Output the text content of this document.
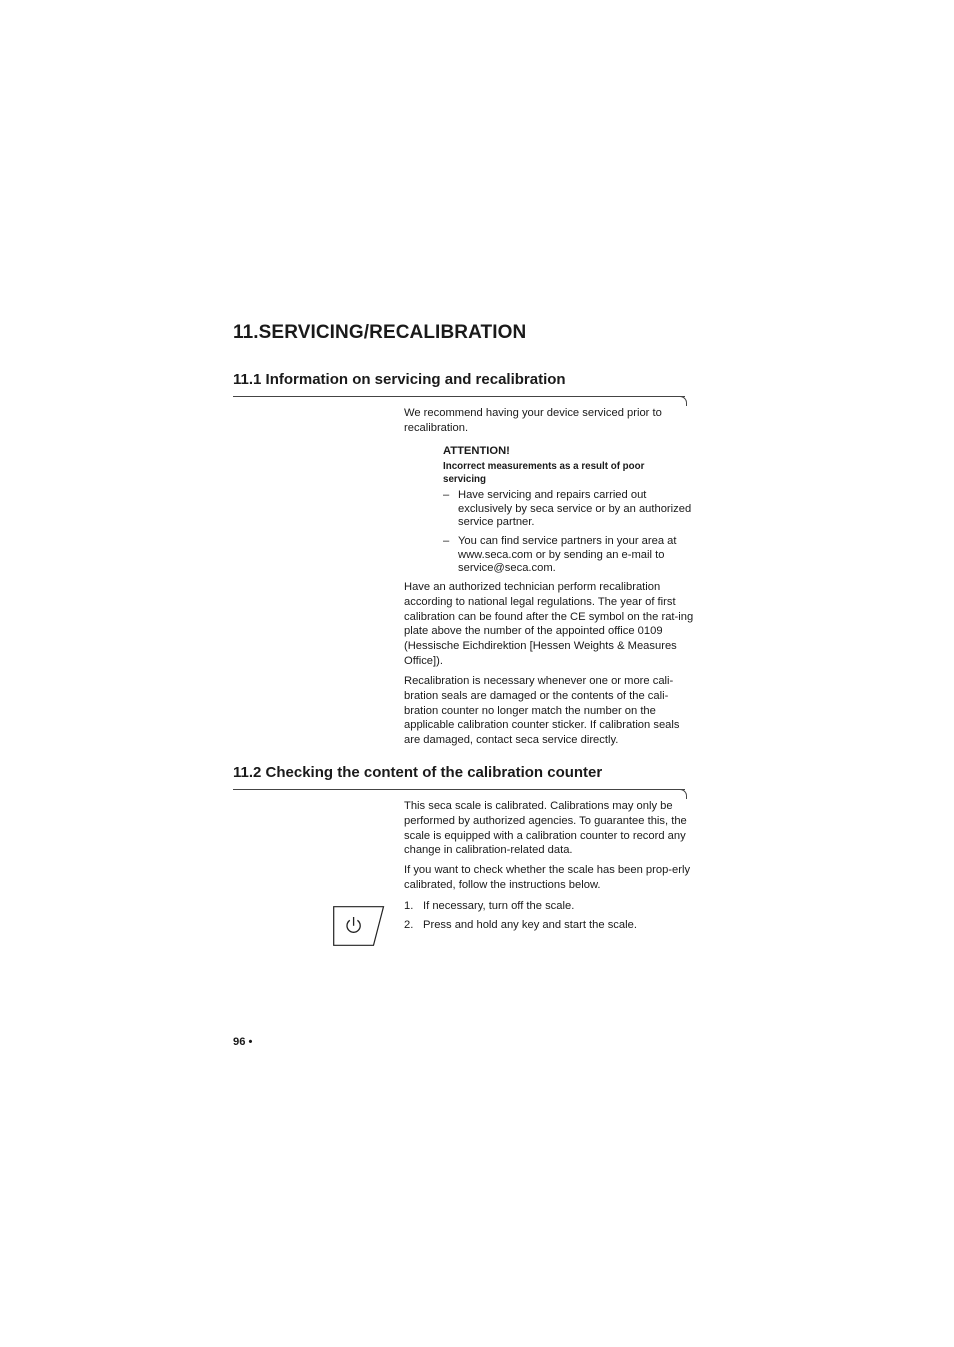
11.SERVICING/RECALIBRATION
11.1 Information on servicing and recalibration
We recommend having your device serviced prior to recalibration.
ATTENTION!
Incorrect measurements as a result of poor servicing
– Have servicing and repairs carried out exclusively by seca service or by an authorized service partner.
– You can find service partners in your area at www.seca.com or by sending an e-mail to service@seca.com.
Have an authorized technician perform recalibration according to national legal regulations. The year of first calibration can be found after the CE symbol on the rat-ing plate above the number of the appointed office 0109 (Hessische Eichdirektion [Hessen Weights & Measures Office]).
Recalibration is necessary whenever one or more cali-bration seals are damaged or the contents of the cali-bration counter no longer match the number on the applicable calibration counter sticker. If calibration seals are damaged, contact seca service directly.
11.2 Checking the content of the calibration counter
This seca scale is calibrated. Calibrations may only be performed by authorized agencies. To guarantee this, the scale is equipped with a calibration counter to record any change in calibration-related data.
If you want to check whether the scale has been prop-erly calibrated, follow the instructions below.
1. If necessary, turn off the scale.
2. Press and hold any key and start the scale.
96 •
